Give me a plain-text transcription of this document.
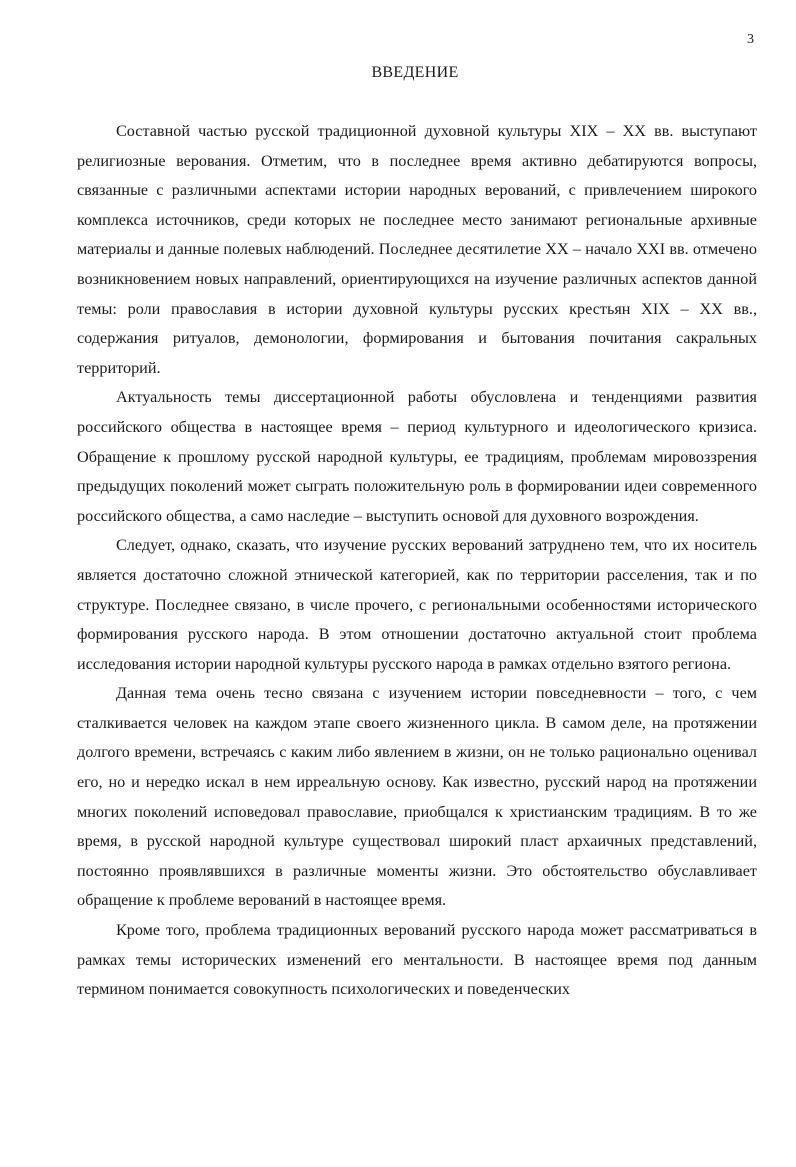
3
ВВЕДЕНИЕ

Составной частью русской традиционной духовной культуры XIX – XX вв. выступают религиозные верования. Отметим, что в последнее время активно дебатируются вопросы, связанные с различными аспектами истории народных верований, с привлечением широкого комплекса источников, среди которых не последнее место занимают региональные архивные материалы и данные полевых наблюдений. Последнее десятилетие XX – начало XXI вв. отмечено возникновением новых направлений, ориентирующихся на изучение различных аспектов данной темы: роли православия в истории духовной культуры русских крестьян XIX – XX вв., содержания ритуалов, демонологии, формирования и бытования почитания сакральных территорий.

Актуальность темы диссертационной работы обусловлена и тенденциями развития российского общества в настоящее время – период культурного и идеологического кризиса. Обращение к прошлому русской народной культуры, ее традициям, проблемам мировоззрения предыдущих поколений может сыграть положительную роль в формировании идеи современного российского общества, а само наследие – выступить основой для духовного возрождения.

Следует, однако, сказать, что изучение русских верований затруднено тем, что их носитель является достаточно сложной этнической категорией, как по территории расселения, так и по структуре. Последнее связано, в числе прочего, с региональными особенностями исторического формирования русского народа. В этом отношении достаточно актуальной стоит проблема исследования истории народной культуры русского народа в рамках отдельно взятого региона.

Данная тема очень тесно связана с изучением истории повседневности – того, с чем сталкивается человек на каждом этапе своего жизненного цикла. В самом деле, на протяжении долгого времени, встречаясь с каким либо явлением в жизни, он не только рационально оценивал его, но и нередко искал в нем ирреальную основу. Как известно, русский народ на протяжении многих поколений исповедовал православие, приобщался к христианским традициям. В то же время, в русской народной культуре существовал широкий пласт архаичных представлений, постоянно проявлявшихся в различные моменты жизни. Это обстоятельство обуславливает обращение к проблеме верований в настоящее время.

Кроме того, проблема традиционных верований русского народа может рассматриваться в рамках темы исторических изменений его ментальности. В настоящее время под данным термином понимается совокупность психологических и поведенческих
